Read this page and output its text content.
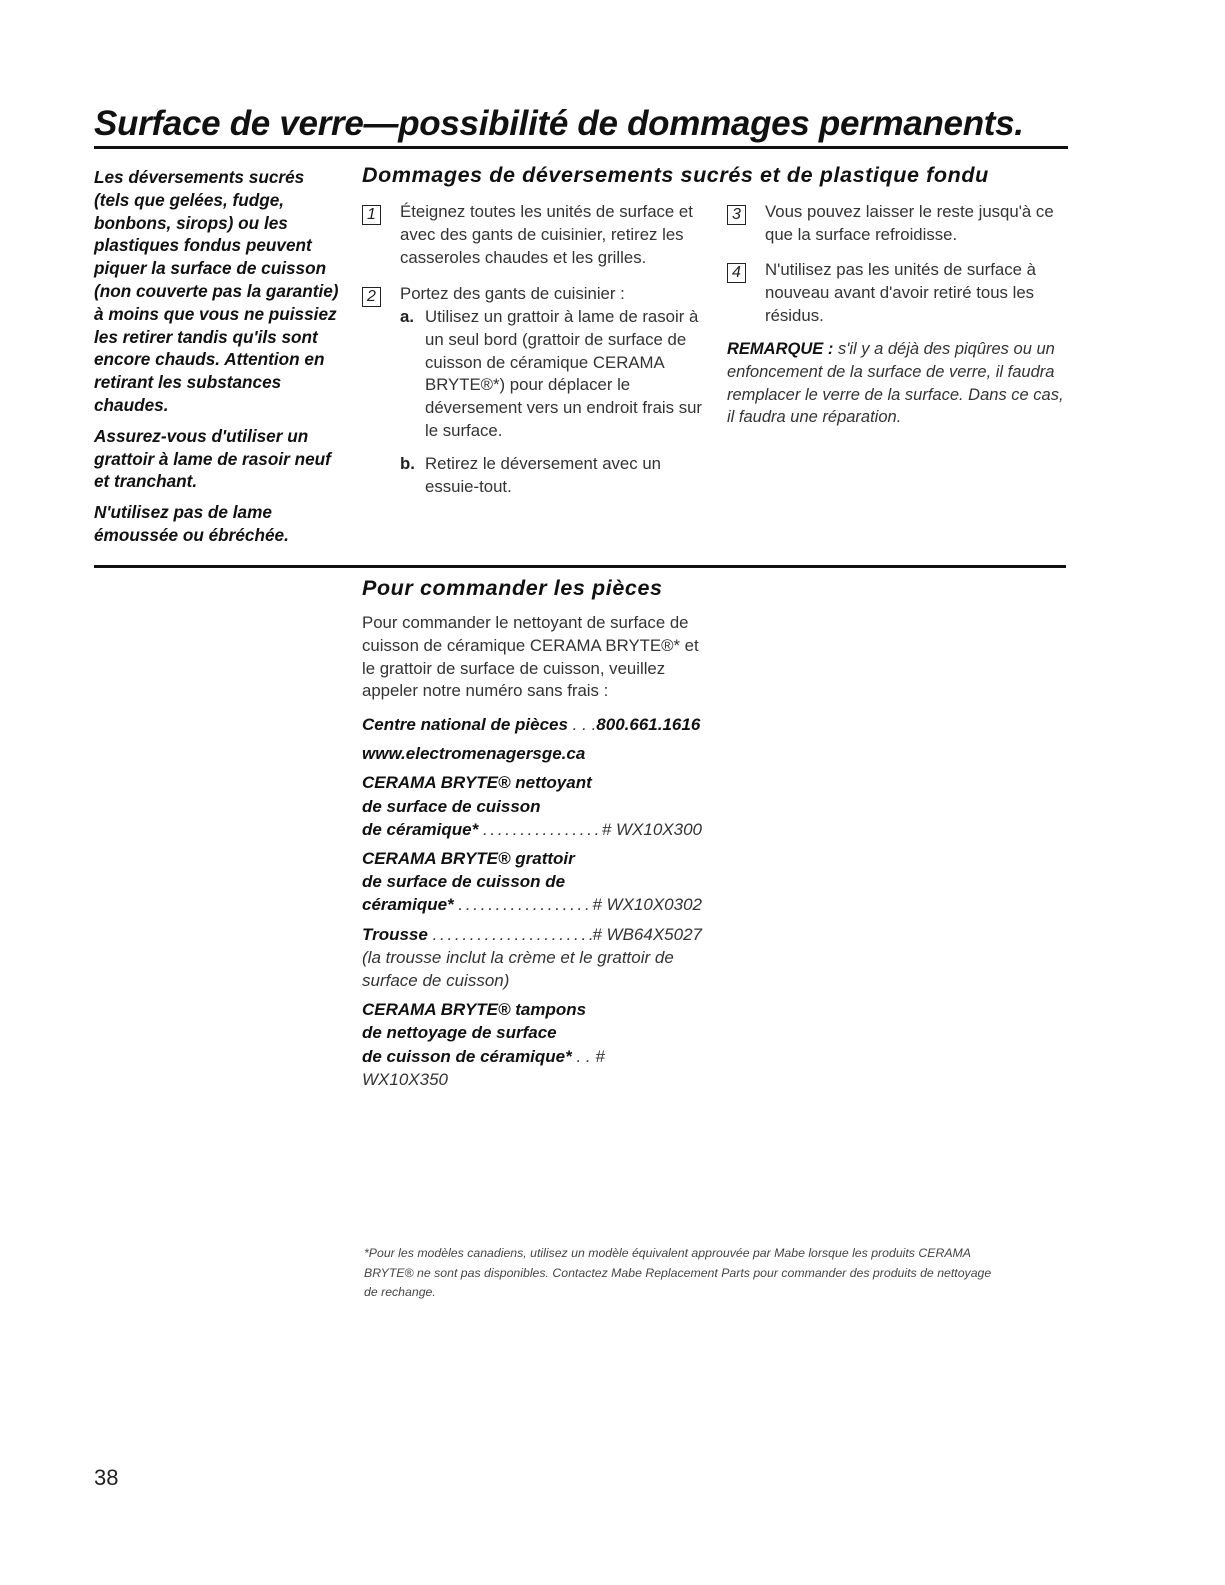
Surface de verre—possibilité de dommages permanents.

Les déversements sucrés (tels que gelées, fudge, bonbons, sirops) ou les plastiques fondus peuvent piquer la surface de cuisson (non couverte pas la garantie) à moins que vous ne puissiez les retirer tandis qu'ils sont encore chauds. Attention en retirant les substances chaudes.

Assurez-vous d'utiliser un grattoir à lame de rasoir neuf et tranchant.

N'utilisez pas de lame émoussée ou ébréchée.

Dommages de déversements sucrés et de plastique fondu
1	Éteignez toutes les unités de surface et avec des gants de cuisinier, retirez les casseroles chaudes et les grilles.
2	Portez des gants de cuisinier :
a. Utilisez un grattoir à lame de rasoir à un seul bord (grattoir de surface de cuisson de céramique CERAMA BRYTE®*) pour déplacer le déversement vers un endroit frais sur le surface.
b. Retirez le déversement avec un essuie-tout.
3	Vous pouvez laisser le reste jusqu'à ce que la surface refroidisse.
4	N'utilisez pas les unités de surface à nouveau avant d'avoir retiré tous les résidus.
REMARQUE : s'il y a déjà des piqûres ou un enfoncement de la surface de verre, il faudra remplacer le verre de la surface. Dans ce cas, il faudra une réparation.
Pour commander les pièces
Pour commander le nettoyant de surface de cuisson de céramique CERAMA BRYTE®* et le grattoir de surface de cuisson, veuillez appeler notre numéro sans frais :

Centre national de pièces . . . 800.661.1616

www.electromenagersge.ca

CERAMA BRYTE® nettoyant
de surface de cuisson

de céramique* . . .	# WX10X300

CERAMA BRYTE® grattoir
de surface de cuisson de

céramique* . . .	# WX10X0302

Trousse . . .	# WB64X5027
(la trousse inclut la crème et le grattoir de surface de cuisson)

CERAMA BRYTE® tampons
de nettoyage de surface
de cuisson de céramique* . . #
WX10X350

*Pour les modèles canadiens, utilisez un modèle équivalent approuvée par Mabe lorsque les produits CERAMA BRYTE® ne sont pas disponibles. Contactez Mabe Replacement Parts pour commander des produits de nettoyage de rechange.
38
